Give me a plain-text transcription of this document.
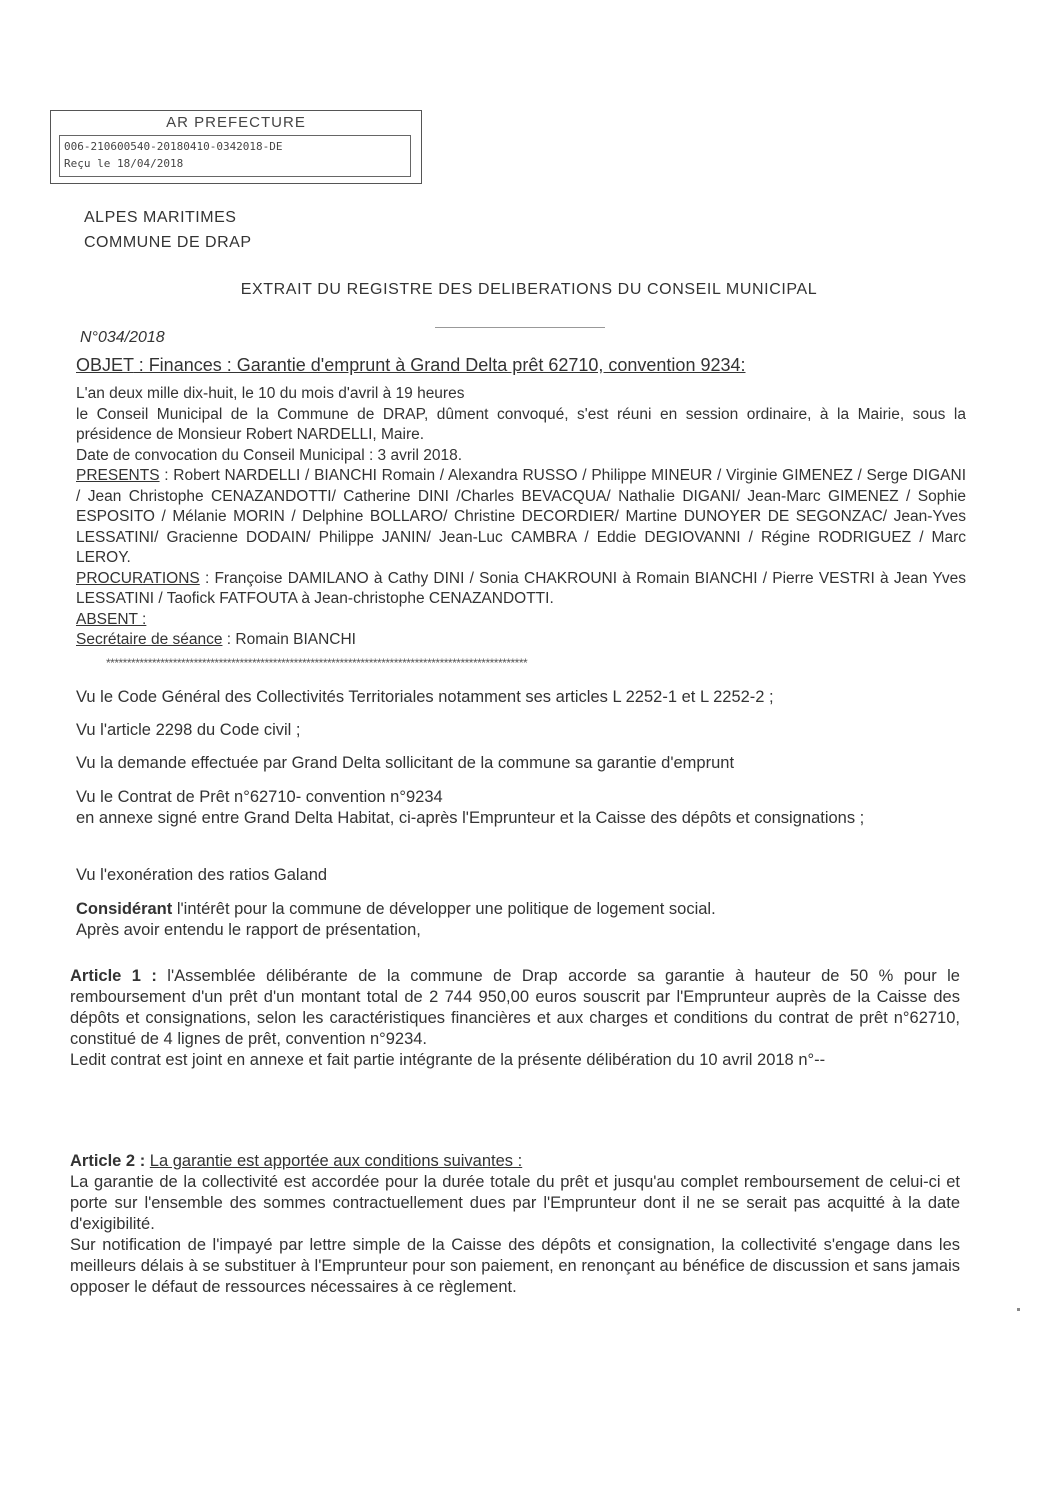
AR PREFECTURE
006-210600540-20180410-0342018-DE
Reçu le 18/04/2018
ALPES MARITIMES
COMMUNE DE DRAP
EXTRAIT DU REGISTRE DES DELIBERATIONS DU CONSEIL MUNICIPAL
N°034/2018
OBJET : Finances : Garantie d'emprunt à Grand Delta prêt 62710, convention 9234:

L'an deux mille dix-huit, le 10 du mois d'avril à 19 heures

le Conseil Municipal de la Commune de DRAP, dûment convoqué, s'est réuni en session ordinaire, à la Mairie, sous la présidence de Monsieur Robert NARDELLI, Maire.

Date de convocation du Conseil Municipal : 3 avril 2018.

PRESENTS : Robert NARDELLI / BIANCHI Romain / Alexandra RUSSO / Philippe MINEUR / Virginie GIMENEZ / Serge DIGANI / Jean Christophe CENAZANDOTTI/ Catherine DINI /Charles BEVACQUA/ Nathalie DIGANI/ Jean-Marc GIMENEZ / Sophie ESPOSITO / Mélanie MORIN / Delphine BOLLARO/ Christine DECORDIER/ Martine DUNOYER DE SEGONZAC/ Jean-Yves LESSATINI/ Gracienne DODAIN/ Philippe JANIN/ Jean-Luc CAMBRA / Eddie DEGIOVANNI / Régine RODRIGUEZ / Marc LEROY.

PROCURATIONS : Françoise DAMILANO à Cathy DINI / Sonia CHAKROUNI à Romain BIANCHI / Pierre VESTRI à Jean Yves LESSATINI / Taofick FATFOUTA à Jean-christophe CENAZANDOTTI.

ABSENT :

Secrétaire de séance : Romain BIANCHI

*****************************************************************************************************
Vu le Code Général des Collectivités Territoriales notamment ses articles L 2252-1 et L 2252-2 ;
Vu l'article 2298 du Code civil ;
Vu la demande effectuée par Grand Delta sollicitant de la commune sa garantie d'emprunt

Vu le Contrat de Prêt n°62710- convention n°9234

en annexe signé entre Grand Delta Habitat, ci-après l'Emprunteur et la Caisse des dépôts et consignations ;

Vu l'exonération des ratios Galand

Considérant l'intérêt pour la commune de développer une politique de logement social.

Après avoir entendu le rapport de présentation,

Article 1 : l'Assemblée délibérante de la commune de Drap accorde sa garantie à hauteur de 50 % pour le remboursement d'un prêt d'un montant total de 2 744 950,00 euros souscrit par l'Emprunteur auprès de la Caisse des dépôts et consignations, selon les caractéristiques financières et aux charges et conditions du contrat de prêt n°62710, constitué de 4 lignes de prêt, convention n°9234.

Ledit contrat est joint en annexe et fait partie intégrante de la présente délibération du 10 avril 2018 n°--

Article 2 : La garantie est apportée aux conditions suivantes :

La garantie de la collectivité est accordée pour la durée totale du prêt et jusqu'au complet remboursement de celui-ci et porte sur l'ensemble des sommes contractuellement dues par l'Emprunteur dont il ne se serait pas acquitté à la date d'exigibilité.

Sur notification de l'impayé par lettre simple de la Caisse des dépôts et consignation, la collectivité s'engage dans les meilleurs délais à se substituer à l'Emprunteur pour son paiement, en renonçant au bénéfice de discussion et sans jamais opposer le défaut de ressources nécessaires à ce règlement.
